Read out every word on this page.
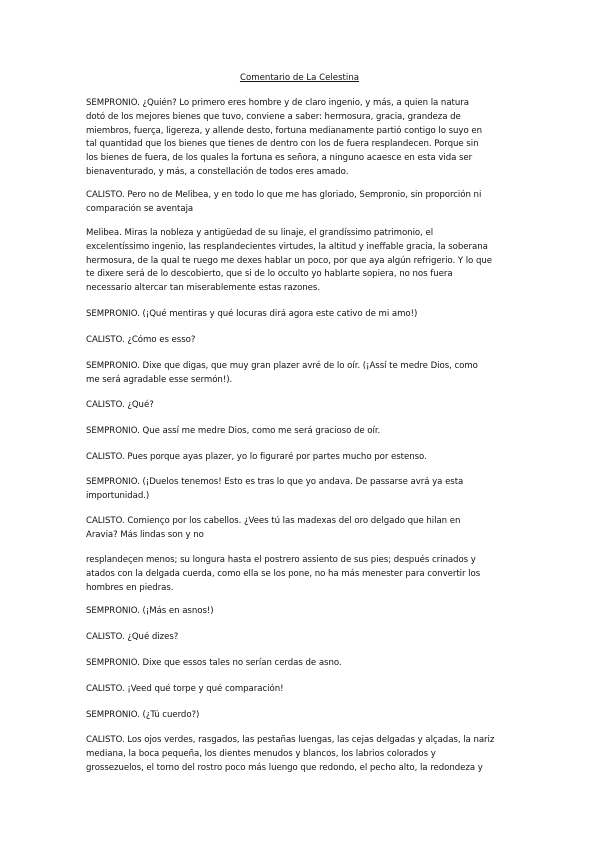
Comentario de La Celestina
SEMPRONIO. ¿Quién? Lo primero eres hombre y de claro ingenio, y más, a quien la natura
dotó de los mejores bienes que tuvo, conviene a saber: hermosura, gracia, grandeza de
miembros, fuerça, ligereza, y allende desto, fortuna medianamente partió contigo lo suyo en
tal quantidad que los bienes que tienes de dentro con los de fuera resplandecen. Porque sin
los bienes de fuera, de los quales la fortuna es señora, a ninguno acaesce en esta vida ser
bienaventurado, y más, a constellación de todos eres amado.
CALISTO. Pero no de Melibea, y en todo lo que me has gloriado, Sempronio, sin proporción ni
comparación se aventaja
Melibea. Miras la nobleza y antigüedad de su linaje, el grandíssimo patrimonio, el
excelentíssimo ingenio, las resplandecientes virtudes, la altitud y ineffable gracia, la soberana
hermosura, de la qual te ruego me dexes hablar un poco, por que aya algún refrigerio. Y lo que
te dixere será de lo descobierto, que si de lo occulto yo hablarte sopiera, no nos fuera
necessario altercar tan miserablemente estas razones.
SEMPRONIO. (¡Qué mentiras y qué locuras dirá agora este cativo de mi amo!)
CALISTO. ¿Cómo es esso?
SEMPRONIO. Dixe que digas, que muy gran plazer avré de lo oír. (¡Assí te medre Dios, como
me será agradable esse sermón!).
CALISTO. ¿Qué?
SEMPRONIO. Que assí me medre Dios, como me será gracioso de oír.
CALISTO. Pues porque ayas plazer, yo lo figuraré por partes mucho por estenso.
SEMPRONIO. (¡Duelos tenemos! Esto es tras lo que yo andava. De passarse avrá ya esta
importunidad.)
CALISTO. Comienço por los cabellos. ¿Vees tú las madexas del oro delgado que hilan en
Aravia? Más lindas son y no
resplandeçen menos; su longura hasta el postrero assiento de sus pies; después crinados y
atados con la delgada cuerda, como ella se los pone, no ha más menester para convertir los
hombres en piedras.
SEMPRONIO. (¡Más en asnos!)
CALISTO. ¿Qué dizes?
SEMPRONIO. Dixe que essos tales no serían cerdas de asno.
CALISTO. ¡Veed qué torpe y qué comparación!
SEMPRONIO. (¿Tú cuerdo?)
CALISTO. Los ojos verdes, rasgados, las pestañas luengas, las cejas delgadas y alçadas, la nariz
mediana, la boca pequeña, los dientes menudos y blancos, los labrios colorados y
grossezuelos, el torno del rostro poco más luengo que redondo, el pecho alto, la redondeza y
